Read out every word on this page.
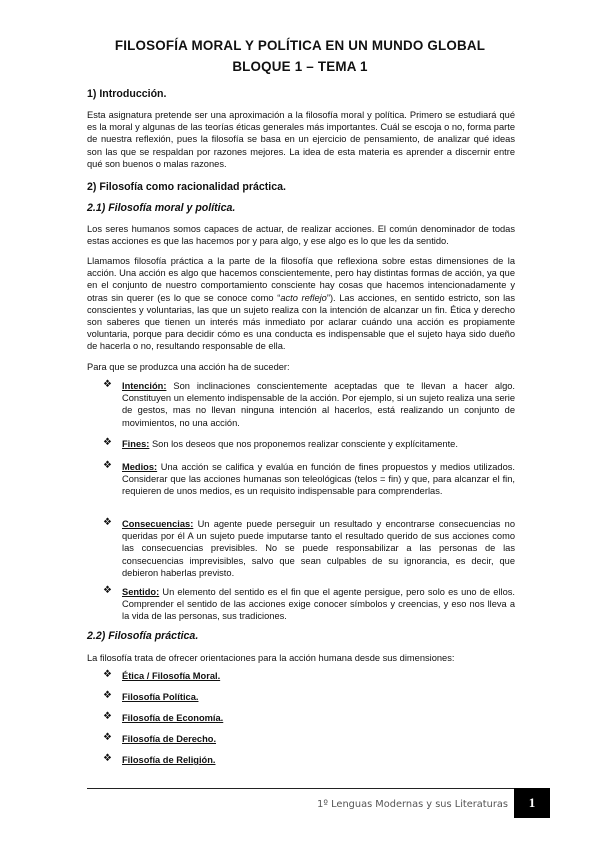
FILOSOFÍA MORAL Y POLÍTICA EN UN MUNDO GLOBAL
BLOQUE 1 – TEMA 1
1) Introducción.
Esta asignatura pretende ser una aproximación a la filosofía moral y política. Primero se estudiará qué es la moral y algunas de las teorías éticas generales más importantes. Cuál se escoja o no, forma parte de nuestra reflexión, pues la filosofía se basa en un ejercicio de pensamiento, de analizar qué ideas son las que se respaldan por razones mejores. La idea de esta materia es aprender a discernir entre qué son buenos o malas razones.
2) Filosofía como racionalidad práctica.
2.1) Filosofía moral y política.
Los seres humanos somos capaces de actuar, de realizar acciones. El común denominador de todas estas acciones es que las hacemos por y para algo, y ese algo es lo que les da sentido.
Llamamos filosofía práctica a la parte de la filosofía que reflexiona sobre estas dimensiones de la acción. Una acción es algo que hacemos conscientemente, pero hay distintas formas de acción, ya que en el conjunto de nuestro comportamiento consciente hay cosas que hacemos intencionadamente y otras sin querer (es lo que se conoce como “acto reflejo”). Las acciones, en sentido estricto, son las conscientes y voluntarias, las que un sujeto realiza con la intención de alcanzar un fin. Ética y derecho son saberes que tienen un interés más inmediato por aclarar cuándo una acción es propiamente voluntaria, porque para decidir cómo es una conducta es indispensable que el sujeto haya sido dueño de hacerla o no, resultando responsable de ella.
Para que se produzca una acción ha de suceder:
❖	Intención: Son inclinaciones conscientemente aceptadas que te llevan a hacer algo. Constituyen un elemento indispensable de la acción. Por ejemplo, si un sujeto realiza una serie de gestos, mas no llevan ninguna intención al hacerlos, está realizando un conjunto de movimientos, no una acción.
❖	Fines: Son los deseos que nos proponemos realizar consciente y explícitamente.
❖	Medios: Una acción se califica y evalúa en función de fines propuestos y medios utilizados. Considerar que las acciones humanas son teleológicas (telos = fin) y que, para alcanzar el fin, requieren de unos medios, es un requisito indispensable para comprenderlas.
❖	Consecuencias: Un agente puede perseguir un resultado y encontrarse consecuencias no queridas por él A un sujeto puede imputarse tanto el resultado querido de sus acciones como las consecuencias previsibles. No se puede responsabilizar a las personas de las consecuencias imprevisibles, salvo que sean culpables de su ignorancia, es decir, que debieron haberlas previsto.
❖	Sentido: Un elemento del sentido es el fin que el agente persigue, pero solo es uno de ellos. Comprender el sentido de las acciones exige conocer símbolos y creencias, y eso nos lleva a la vida de las personas, sus tradiciones.
2.2) Filosofía práctica.
La filosofía trata de ofrecer orientaciones para la acción humana desde sus dimensiones:
❖	Ética / Filosofía Moral.
❖	Filosofía Política.
❖	Filosofía de Economía.
❖	Filosofía de Derecho.
❖	Filosofía de Religión.
1º Lenguas Modernas y sus Literaturas	1
